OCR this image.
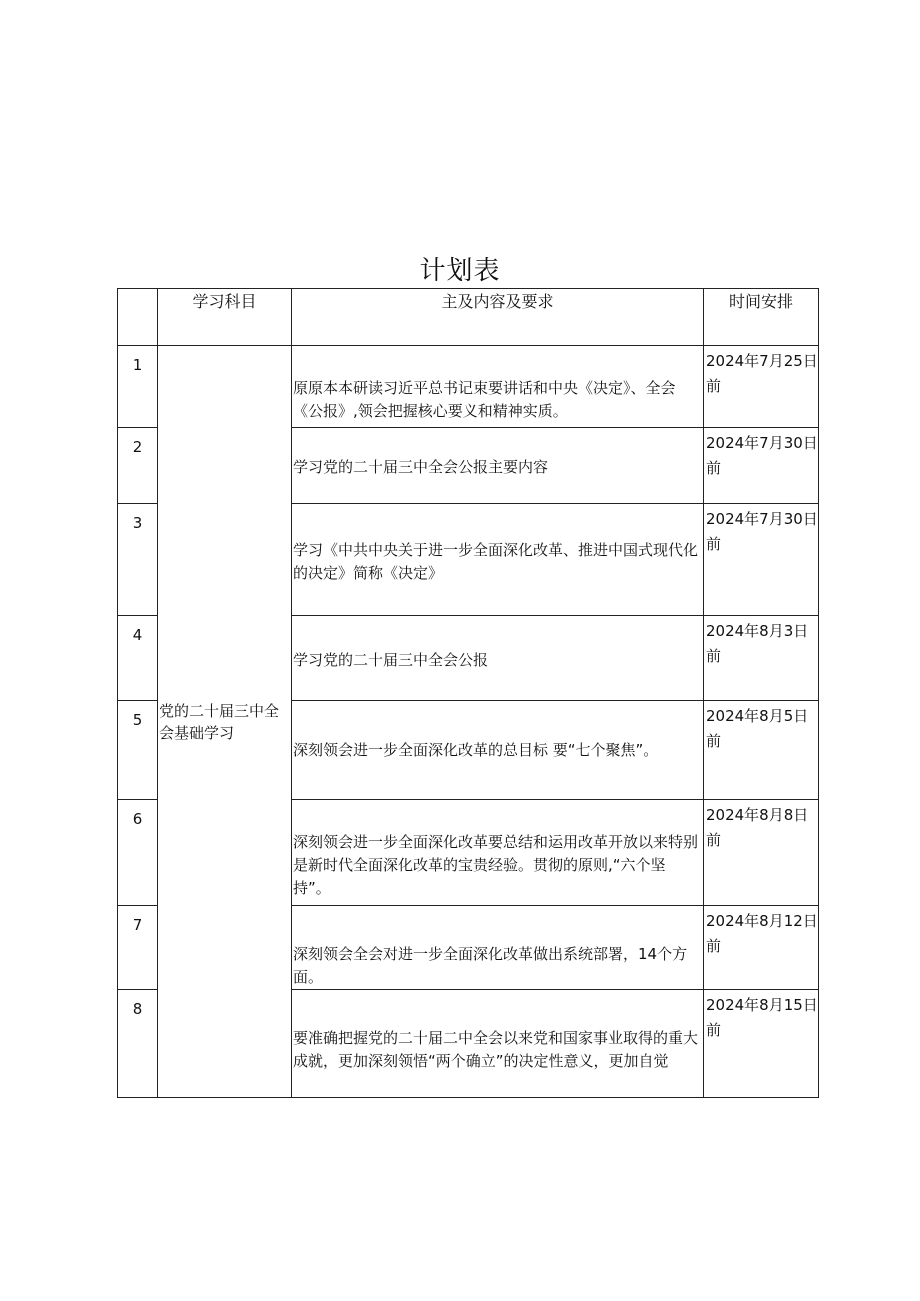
计划表
	学习科目	主及内容及要求	时间安排

1	党的二十届三中全会基础学习	原原本本研读习近平总书记束要讲话和中央《决定》、全会《公报》,领会把握核心要义和精神实质。	2024年7月25日前

2		学习党的二十届三中全会公报主要内容	2024年7月30日前

3		学习《中共中央关于进一步全面深化改革、推进中国式现代化的决定》简称《决定》	2024年7月30日前

4		学习党的二十届三中全会公报	2024年8月3日前

5		深刻领会进一步全面深化改革的总目标 要“七个聚焦”。	2024年8月5日前

6		深刻领会进一步全面深化改革要总结和运用改革开放以来特别是新时代全面深化改革的宝贵经验。贯彻的原则,“六个坚持”。	2024年8月8日前

7		深刻领会全会对进一步全面深化改革做出系统部署，14个方面。	2024年8月12日前

8		要准确把握党的二十届二中全会以来党和国家事业取得的重大成就，更加深刻领悟“两个确立”的决定性意义，更加自觉	2024年8月15日前
